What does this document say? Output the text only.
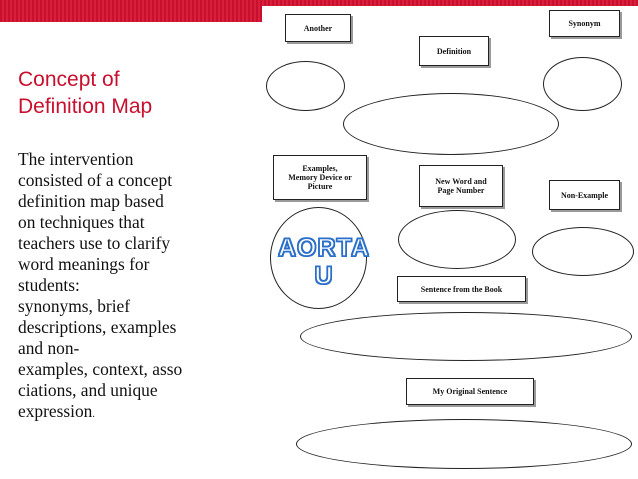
Concept of
Definition Map
The intervention
consisted of a concept
definition map based
on techniques that
teachers use to clarify
word meanings for
students:
synonyms, brief
descriptions, examples
and non-
examples, context, asso
ciations, and unique
expression.
Another	Synonym
Definition
Examples,
Memory Device or
Picture
New Word and
Page Number	Non-Example
Sentence from the Book
My Original Sentence
AORTA
U
